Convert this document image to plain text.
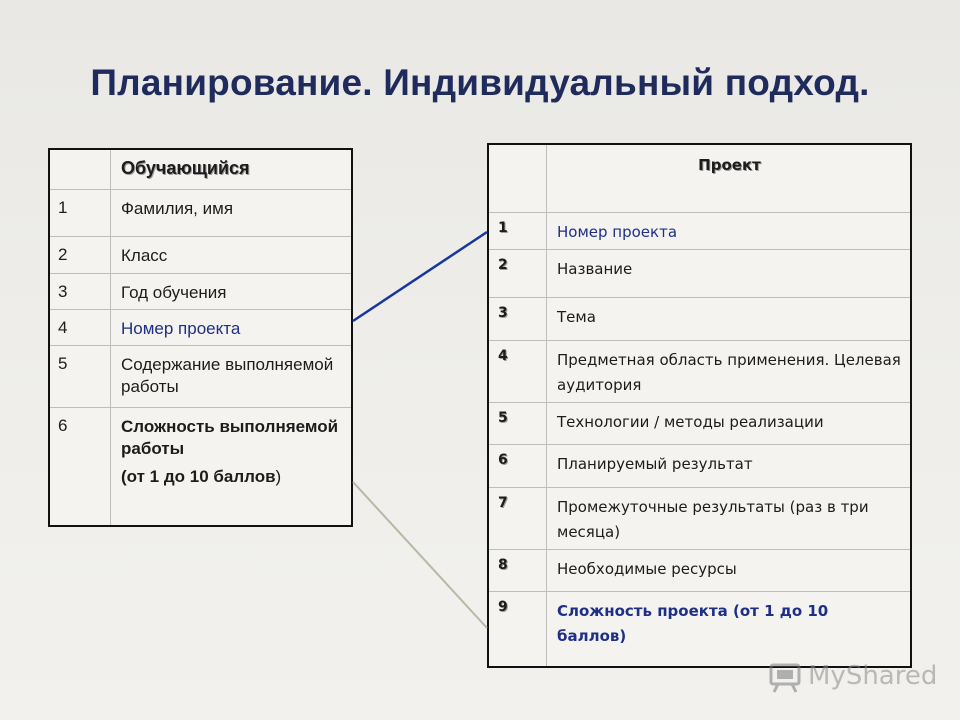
Планирование. Индивидуальный подход.
	Обучающийся
1	Фамилия, имя
2	Класс
3	Год обучения
4	Номер проекта
5	Содержание выполняемой работы
6	Сложность выполняемой работы
(от 1 до 10 баллов)
	Проект
1	Номер проекта
2	Название
3	Тема
4	Предметная область применения. Целевая аудитория
5	Технологии / методы реализации
6	Планируемый результат
7	Промежуточные результаты (раз в три месяца)
8	Необходимые ресурсы
9	Сложность проекта (от 1 до 10 баллов)
MyShared
